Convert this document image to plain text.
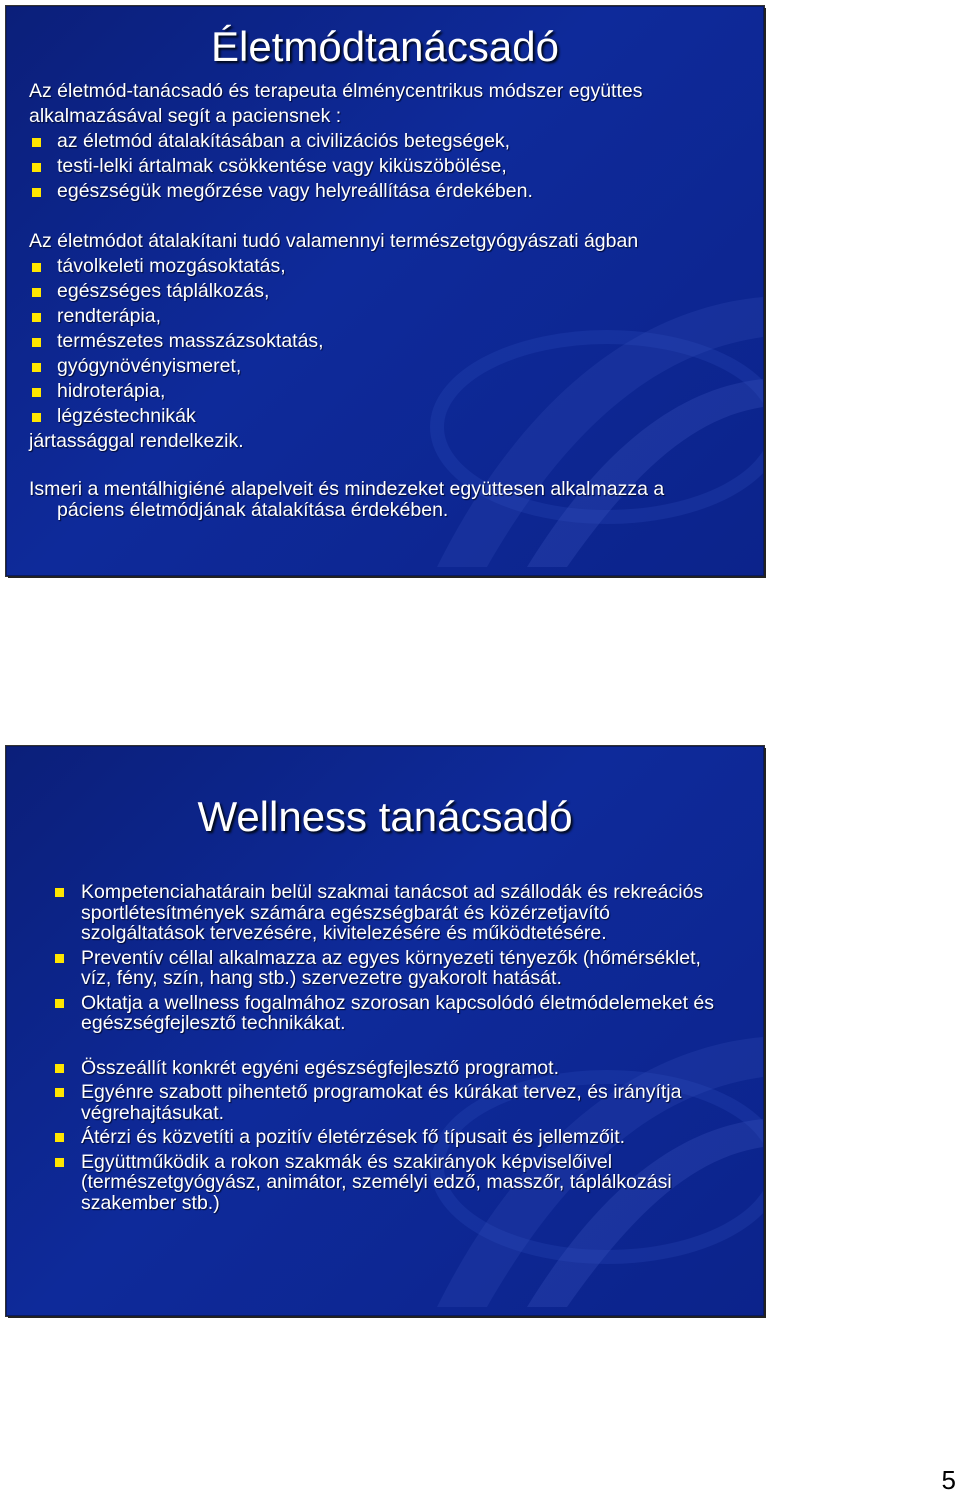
Életmódtanácsadó

Az életmód-tanácsadó és terapeuta élménycentrikus módszer együttes

alkalmazásával segít a paciensnek :

az életmód átalakításában a civilizációs betegségek,

testi-lelki ártalmak csökkentése vagy kiküszöbölése,

egészségük megőrzése vagy helyreállítása érdekében.

Az életmódot átalakítani tudó valamennyi természetgyógyászati ágban

távolkeleti mozgásoktatás,

egészséges táplálkozás,

rendterápia,

természetes masszázsoktatás,

gyógynövényismeret,

hidroterápia,

légzéstechnikák

jártassággal rendelkezik.

Ismeri a mentálhigiéné alapelveit és mindezeket együttesen alkalmazza a

páciens életmódjának átalakítása érdekében.

Wellness tanácsadó

Kompetenciahatárain belül szakmai tanácsot ad szállodák és rekreációs sportlétesítmények számára egészségbarát és közérzetjavító szolgáltatások tervezésére, kivitelezésére és működtetésére.

Preventív céllal alkalmazza az egyes környezeti tényezők (hőmérséklet, víz, fény, szín, hang stb.) szervezetre gyakorolt hatását.

Oktatja a wellness fogalmához szorosan kapcsolódó életmódelemeket és egészségfejlesztő technikákat.

Összeállít konkrét egyéni egészségfejlesztő programot.

Egyénre szabott pihentető programokat és kúrákat tervez, és irányítja végrehajtásukat.

Átérzi és közvetíti a pozitív életérzések fő típusait és jellemzőit.

Együttműködik a rokon szakmák és szakirányok képviselőivel (természetgyógyász, animátor, személyi edző, masszőr, táplálkozási szakember stb.)

5
